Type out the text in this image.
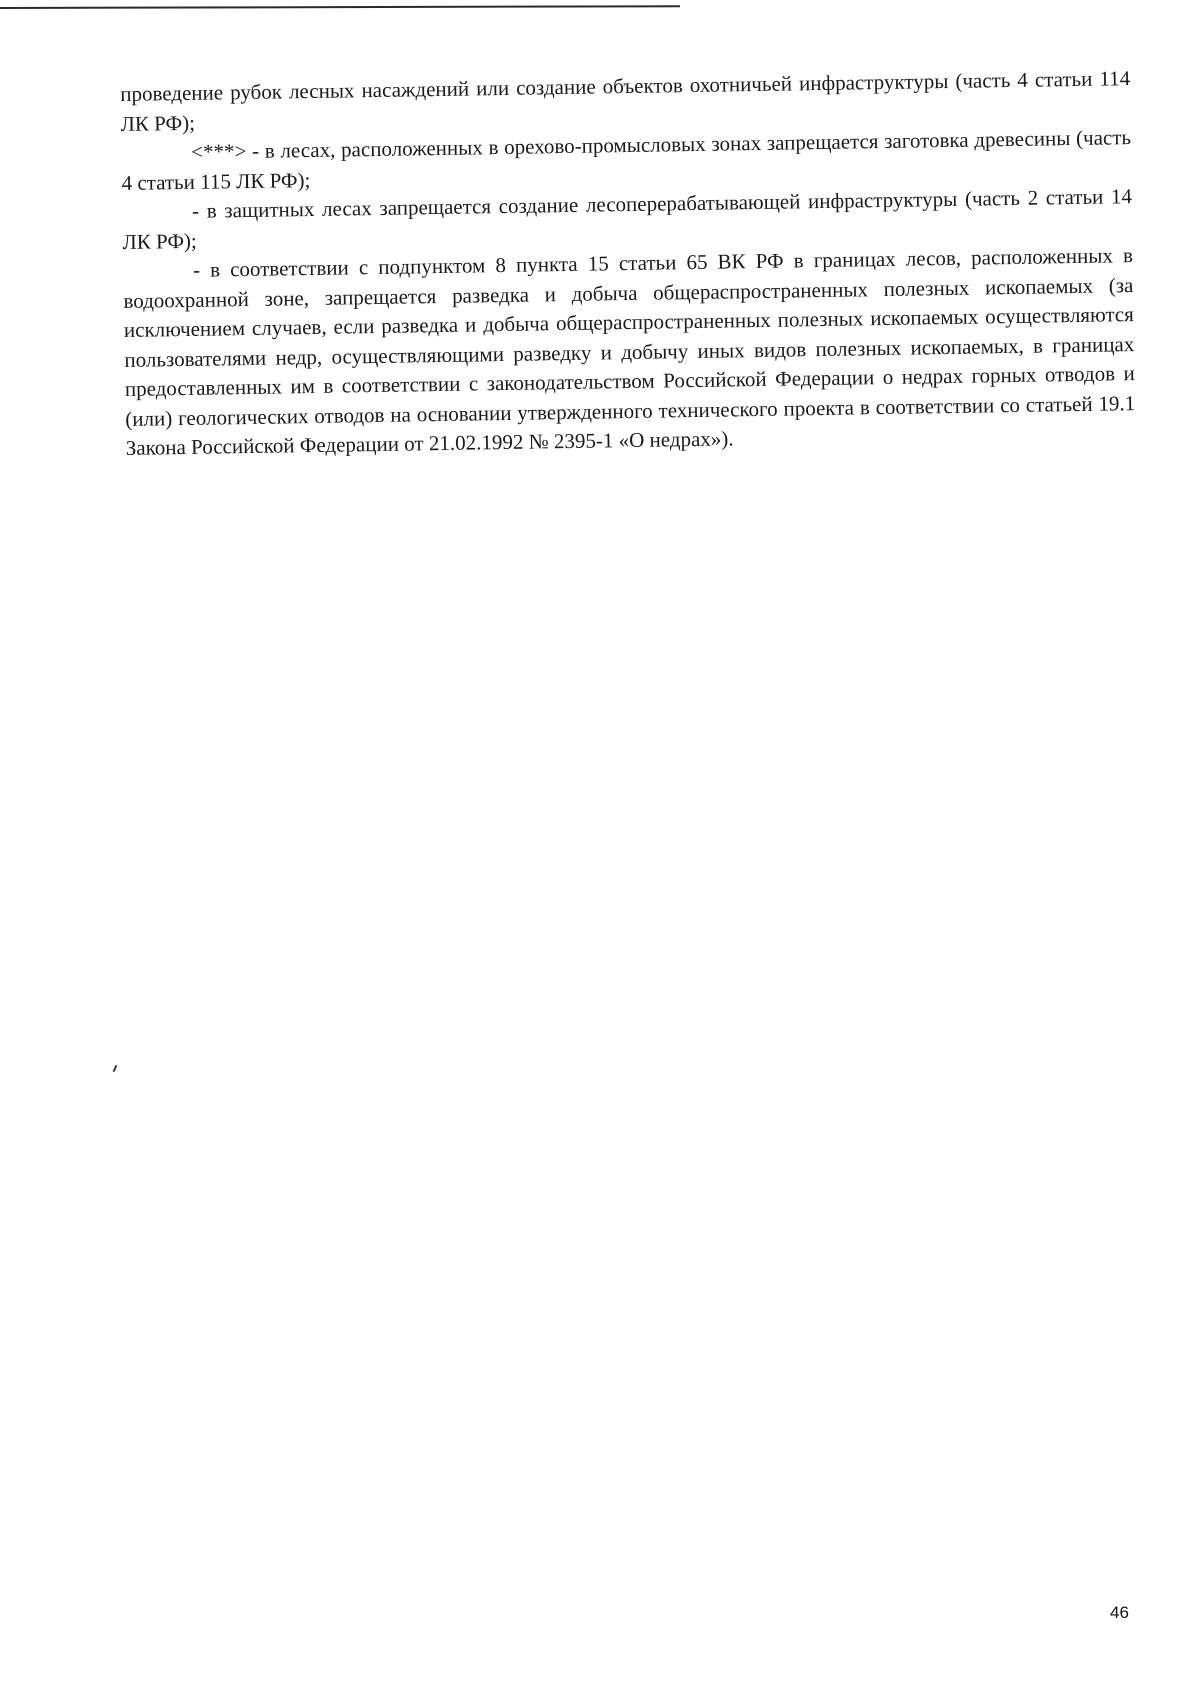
проведение рубок лесных насаждений или создание объектов охотничьей инфраструктуры (часть 4 статьи 114 ЛК РФ);

<***> - в лесах, расположенных в орехово-промысловых зонах запрещается заготовка древесины (часть 4 статьи 115 ЛК РФ);

- в защитных лесах запрещается создание лесоперерабатывающей инфраструктуры (часть 2 статьи 14 ЛК РФ);

- в соответствии с подпунктом 8 пункта 15 статьи 65 ВК РФ в границах лесов, расположенных в водоохранной зоне, запрещается разведка и добыча общераспространенных полезных ископаемых (за исключением случаев, если разведка и добыча общераспространенных полезных ископаемых осуществляются пользователями недр, осуществляющими разведку и добычу иных видов полезных ископаемых, в границах предоставленных им в соответствии с законодательством Российской Федерации о недрах горных отводов и (или) геологических отводов на основании утвержденного технического проекта в соответствии со статьей 19.1 Закона Российской Федерации от 21.02.1992 № 2395-1 «О недрах»).

46
